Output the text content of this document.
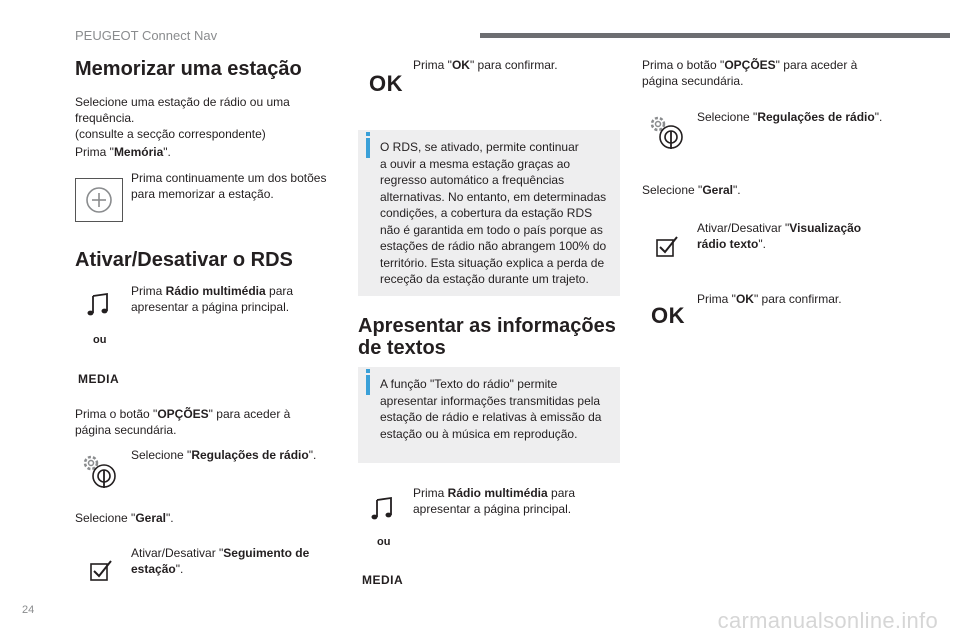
PEUGEOT Connect Nav
Memorizar uma estação
Selecione uma estação de rádio ou uma
frequência.
(consulte a secção correspondente)
Prima "Memória".
Prima continuamente um dos botões
para memorizar a estação.
Ativar/Desativar o RDS
Prima Rádio multimédia para
apresentar a página principal.
ou
MEDIA
Prima o botão "OPÇÕES" para aceder à
página secundária.
Selecione "Regulações de rádio".
Selecione "Geral".
Ativar/Desativar "Seguimento de
estação".
OK
Prima "OK" para confirmar.
O RDS, se ativado, permite continuar
a ouvir a mesma estação graças ao
regresso automático a frequências
alternativas. No entanto, em determinadas
condições, a cobertura da estação RDS
não é garantida em todo o país porque as
estações de rádio não abrangem 100% do
território. Esta situação explica a perda de
receção da estação durante um trajeto.
Apresentar as informações
de textos
A função "Texto do rádio" permite
apresentar informações transmitidas pela
estação de rádio e relativas à emissão da
estação ou à música em reprodução.
Prima Rádio multimédia para
apresentar a página principal.
ou
MEDIA
Prima o botão "OPÇÕES" para aceder à
página secundária.
Selecione "Regulações de rádio".
Selecione "Geral".
Ativar/Desativar "Visualização
rádio texto".
Prima "OK" para confirmar.
OK
24	carmanualsonline.info
